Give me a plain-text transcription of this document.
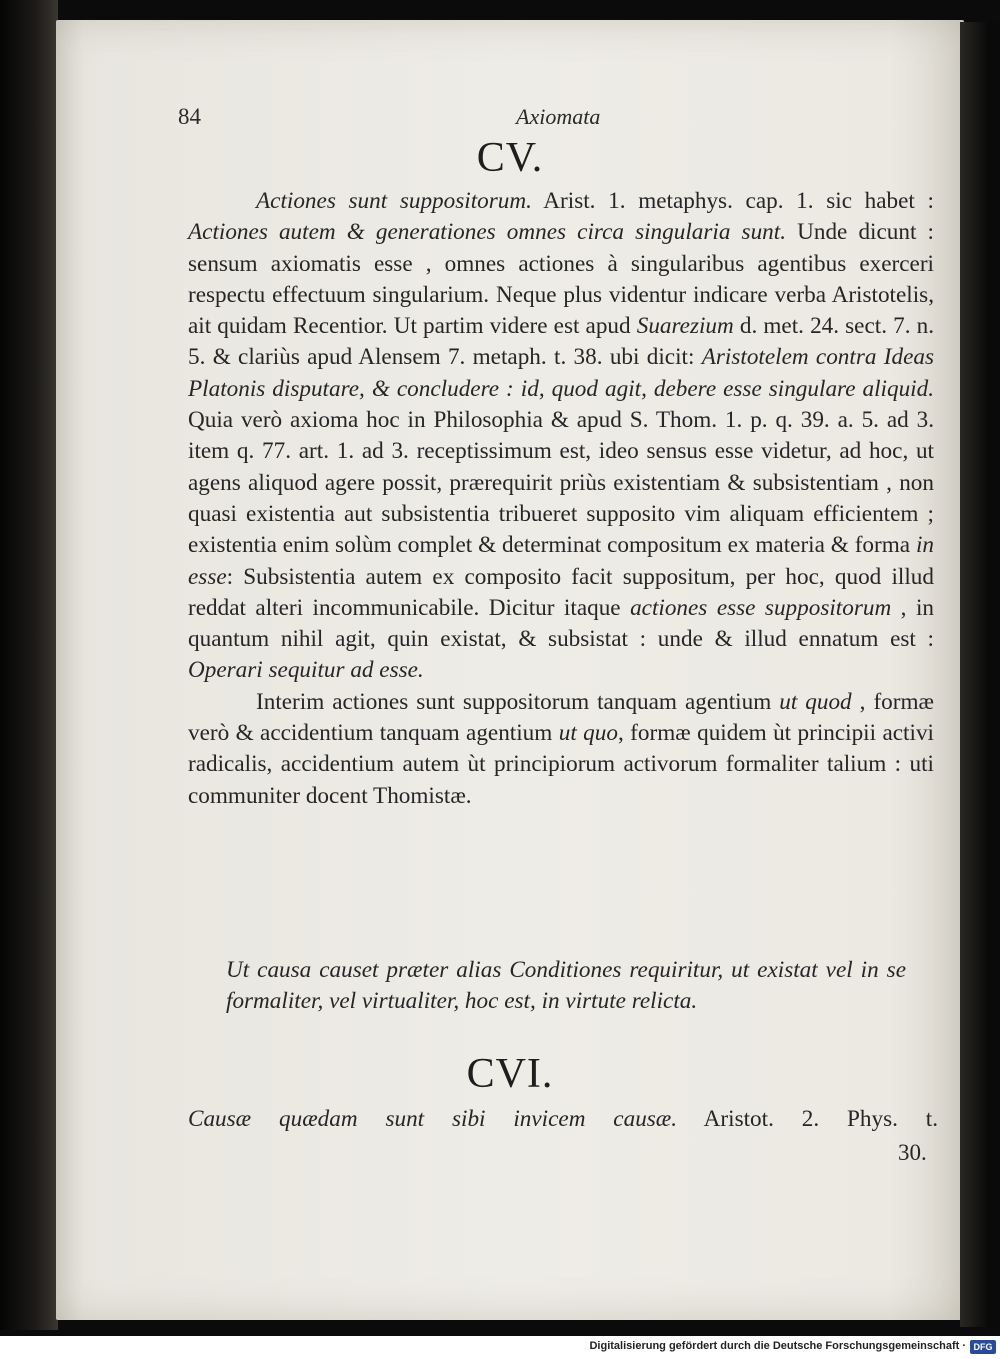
84	Axiomata
CV.

Actiones sunt suppositorum. Arist. 1. metaphys. cap. 1. sic habet : Actiones autem & generationes omnes circa singularia sunt. Unde dicunt : sensum axiomatis esse , omnes actiones à singularibus agentibus exerceri respectu effectuum singularium. Neque plus videntur indicare verba Aristotelis, ait quidam Recentior. Ut partim videre est apud Suarezium d. met. 24. sect. 7. n. 5. & clariùs apud Alensem 7. metaph. t. 38. ubi dicit: Aristotelem contra Ideas Platonis disputare, & concludere : id, quod agit, debere esse singulare aliquid. Quia verò axioma hoc in Philosophia & apud S. Thom. 1. p. q. 39. a. 5. ad 3. item q. 77. art. 1. ad 3. receptissimum est, ideo sensus esse videtur, ad hoc, ut agens aliquod agere possit, prærequirit priùs existentiam & subsistentiam , non quasi existentia aut subsistentia tribueret supposito vim aliquam efficientem ; existentia enim solùm complet & determinat compositum ex materia & forma in esse: Subsistentia autem ex composito facit suppositum, per hoc, quod illud reddat alteri incommunicabile. Dicitur itaque actiones esse suppositorum , in quantum nihil agit, quin existat, & subsistat : unde & illud ennatum est : Operari sequitur ad esse.

Interim actiones sunt suppositorum tanquam agentium ut quod , formæ verò & accidentium tanquam agentium ut quo, formæ quidem ùt principii activi radicalis, accidentium autem ùt principiorum activorum formaliter talium : uti communiter docent Thomistæ.

Ut causa causet præter alias Conditiones requiritur, ut existat vel in se formaliter, vel virtualiter, hoc est, in virtute relicta.
CVI.
Causæ quædam sunt sibi invicem causæ. Aristot. 2. Phys. t.
30.
Digitalisierung gefördert durch die Deutsche Forschungsgemeinschaft · DFG
